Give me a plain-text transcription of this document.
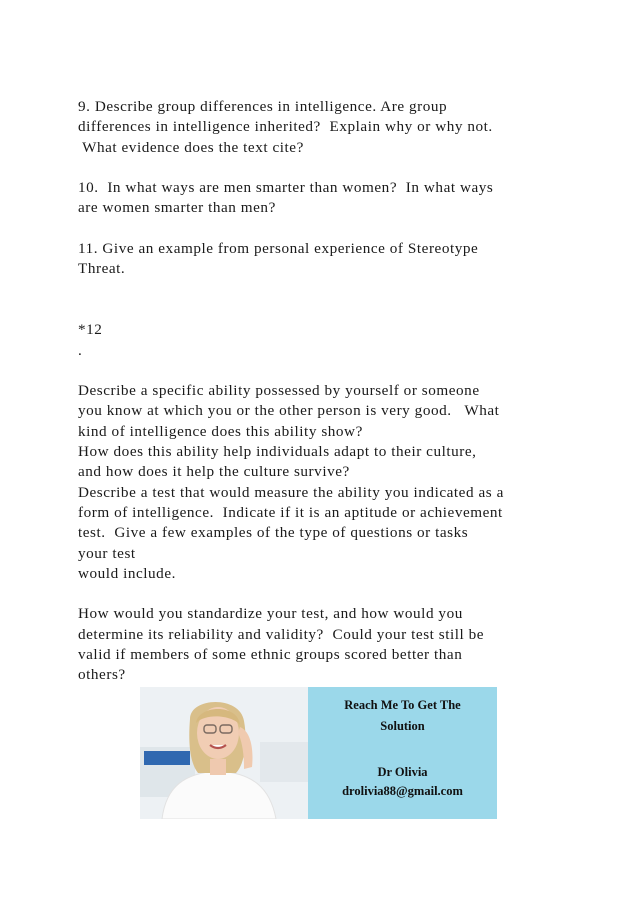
9. Describe group differences in intelligence. Are group
differences in intelligence inherited?  Explain why or why not.
What evidence does the text cite?
10.  In what ways are men smarter than women?  In what ways
are women smarter than men?
11. Give an example from personal experience of Stereotype
Threat.
*12
.
Describe a specific ability possessed by yourself or someone
you know at which you or the other person is very good.   What
kind of intelligence does this ability show?
How does this ability help individuals adapt to their culture,
and how does it help the culture survive?
Describe a test that would measure the ability you indicated as a
form of intelligence.  Indicate if it is an aptitude or achievement
test.  Give a few examples of the type of questions or tasks
your test
would include.
How would you standardize your test, and how would you
determine its reliability and validity?  Could your test still be
valid if members of some ethnic groups scored better than
others?
Reach Me To Get The
Solution
Dr Olivia
drolivia88@gmail.com
